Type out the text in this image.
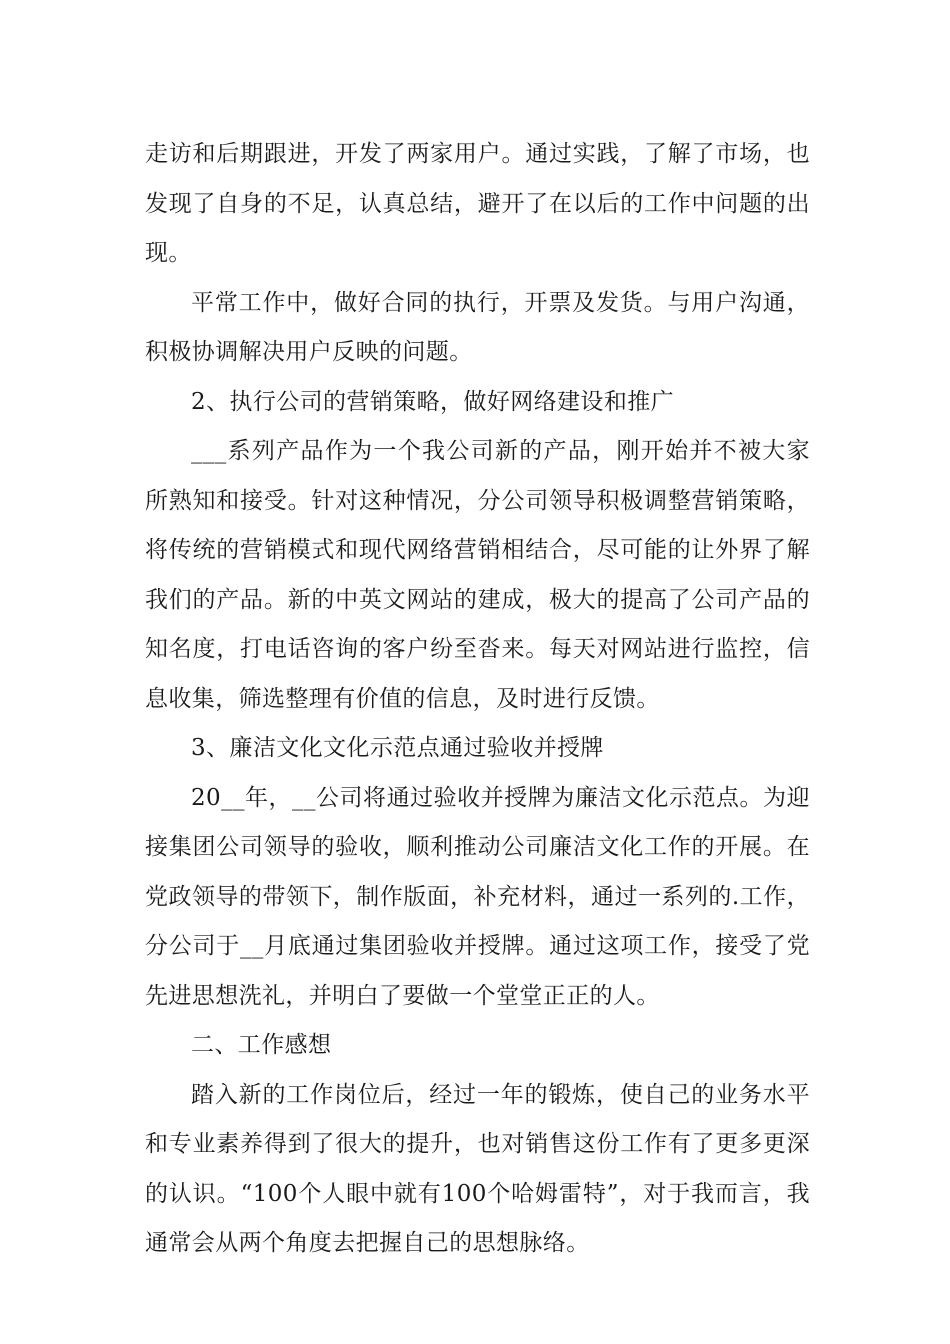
走访和后期跟进，开发了两家用户。通过实践，了解了市场，也发现了自身的不足，认真总结，避开了在以后的工作中问题的出现。

平常工作中，做好合同的执行，开票及发货。与用户沟通，积极协调解决用户反映的问题。

2、执行公司的营销策略，做好网络建设和推广

___系列产品作为一个我公司新的产品，刚开始并不被大家所熟知和接受。针对这种情况，分公司领导积极调整营销策略，将传统的营销模式和现代网络营销相结合，尽可能的让外界了解我们的产品。新的中英文网站的建成，极大的提高了公司产品的知名度，打电话咨询的客户纷至沓来。每天对网站进行监控，信息收集，筛选整理有价值的信息，及时进行反馈。

3、廉洁文化文化示范点通过验收并授牌

20__年，__公司将通过验收并授牌为廉洁文化示范点。为迎接集团公司领导的验收，顺利推动公司廉洁文化工作的开展。在党政领导的带领下，制作版面，补充材料，通过一系列的.工作，分公司于__月底通过集团验收并授牌。通过这项工作，接受了党先进思想洗礼，并明白了要做一个堂堂正正的人。

二、工作感想

踏入新的工作岗位后，经过一年的锻炼，使自己的业务水平和专业素养得到了很大的提升，也对销售这份工作有了更多更深的认识。“100个人眼中就有100个哈姆雷特”，对于我而言，我通常会从两个角度去把握自己的思想脉络。
